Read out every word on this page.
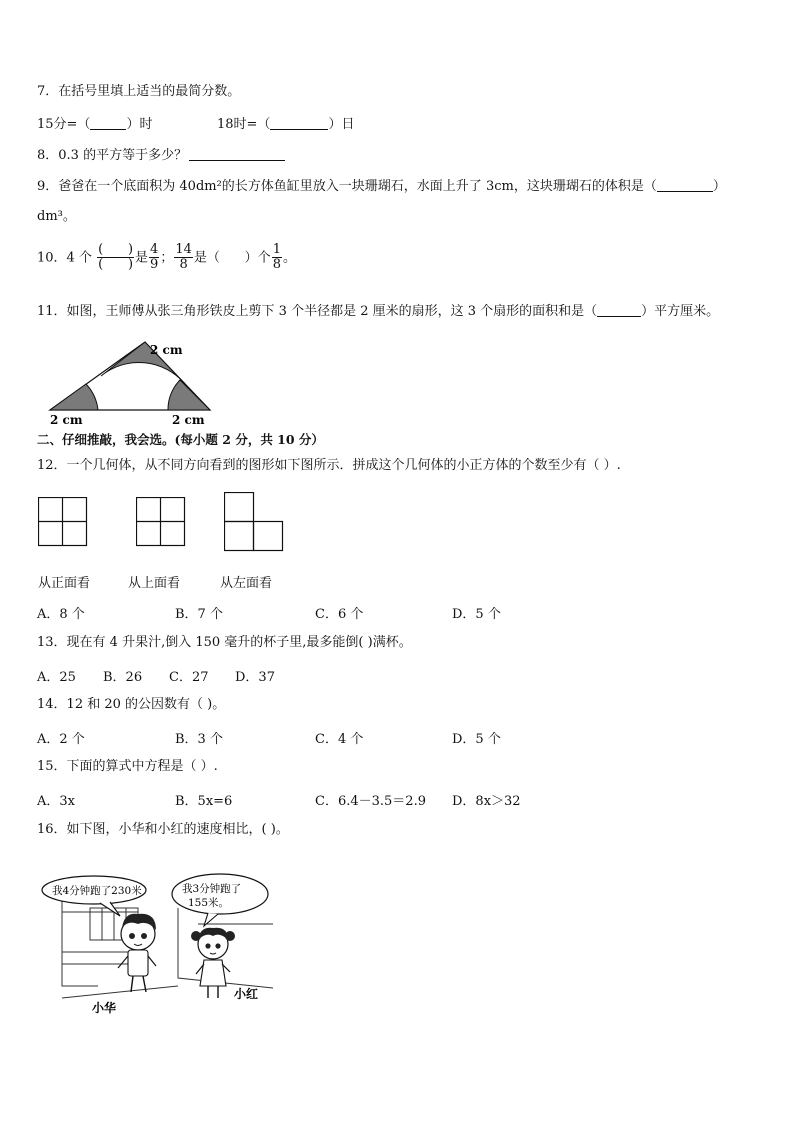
7．在括号里填上适当的最简分数。
15分=（	）时	18时=（	）日
8．0.3 的平方等于多少？
9．爸爸在一个底面积为 40dm²的长方体鱼缸里放入一块珊瑚石，水面上升了 3cm，这块珊瑚石的体积是（	）
dm³。
10．4 个 $\frac{( )}{( )}$ 是 $\frac{4}{9}$ ； $\frac{14}{8}$ 是（      ）个 $\frac{1}{8}$ 。
11．如图，王师傅从张三角形铁皮上剪下 3 个半径都是 2 厘米的扇形，这 3 个扇形的面积和是（	）平方厘米。
2 cm
2 cm	2 cm
二、仔细推敲，我会选。(每小题 2 分，共 10 分）
12．一个几何体，从不同方向看到的图形如下图所示．拼成这个几何体的小正方体的个数至少有（ ）.
从正面看	从上面看	从左面看
A．8 个	B．7 个	C．6 个	D．5 个
13．现在有 4 升果汁,倒入 150 毫升的杯子里,最多能倒( )满杯。
A．25 B．26 C．27 D．37
14．12 和 20 的公因数有（ )。
A．2 个	B．3 个	C．4 个	D．5 个
15．下面的算式中方程是（ ）.
A．3x	B．5x=6	C．6.4－3.5＝2.9 D．8x＞32
16．如下图，小华和小红的速度相比，( )。
我4分钟跑了230米	我3分钟跑了
155米。
小华
小红
